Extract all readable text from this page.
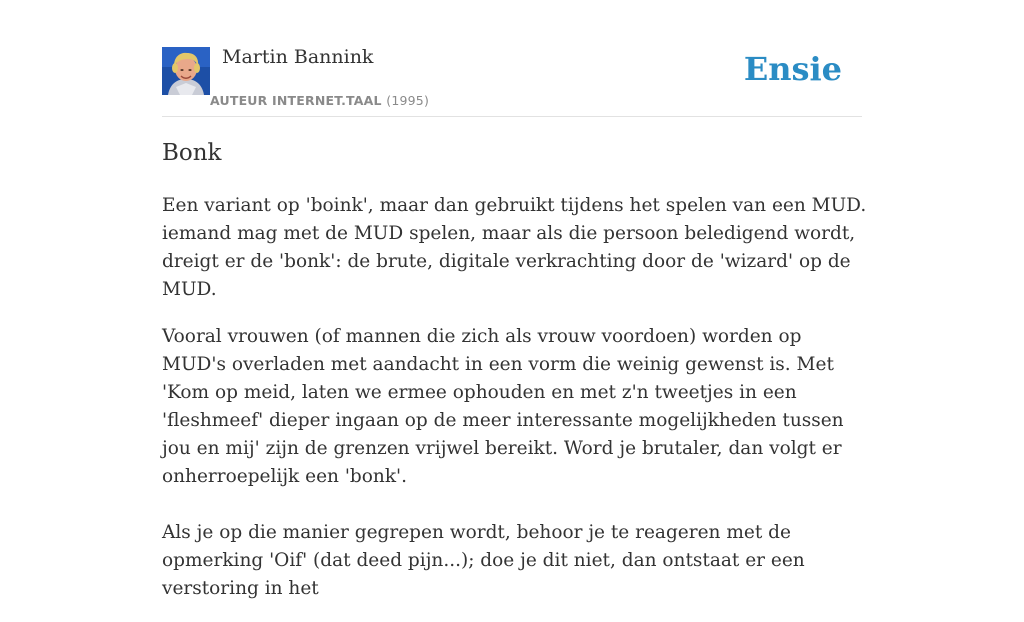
Martin Bannink
AUTEUR INTERNET.TAAL (1995)
Ensie
Bonk

Een variant op 'boink', maar dan gebruikt tijdens het spelen van een MUD. iemand mag met de MUD spelen, maar als die persoon beledigend wordt, dreigt er de 'bonk': de brute, digitale verkrachting door de 'wizard' op de MUD.

Vooral vrouwen (of mannen die zich als vrouw voordoen) worden op MUD's overladen met aandacht in een vorm die weinig gewenst is. Met 'Kom op meid, laten we ermee ophouden en met z'n tweetjes in een 'fleshmeef' dieper ingaan op de meer interessante mogelijkheden tussen jou en mij' zijn de grenzen vrijwel bereikt. Word je brutaler, dan volgt er onherroepelijk een 'bonk'.

Als je op die manier gegrepen wordt, behoor je te reageren met de opmerking 'Oif' (dat deed pijn...); doe je dit niet, dan ontstaat er een verstoring in het
